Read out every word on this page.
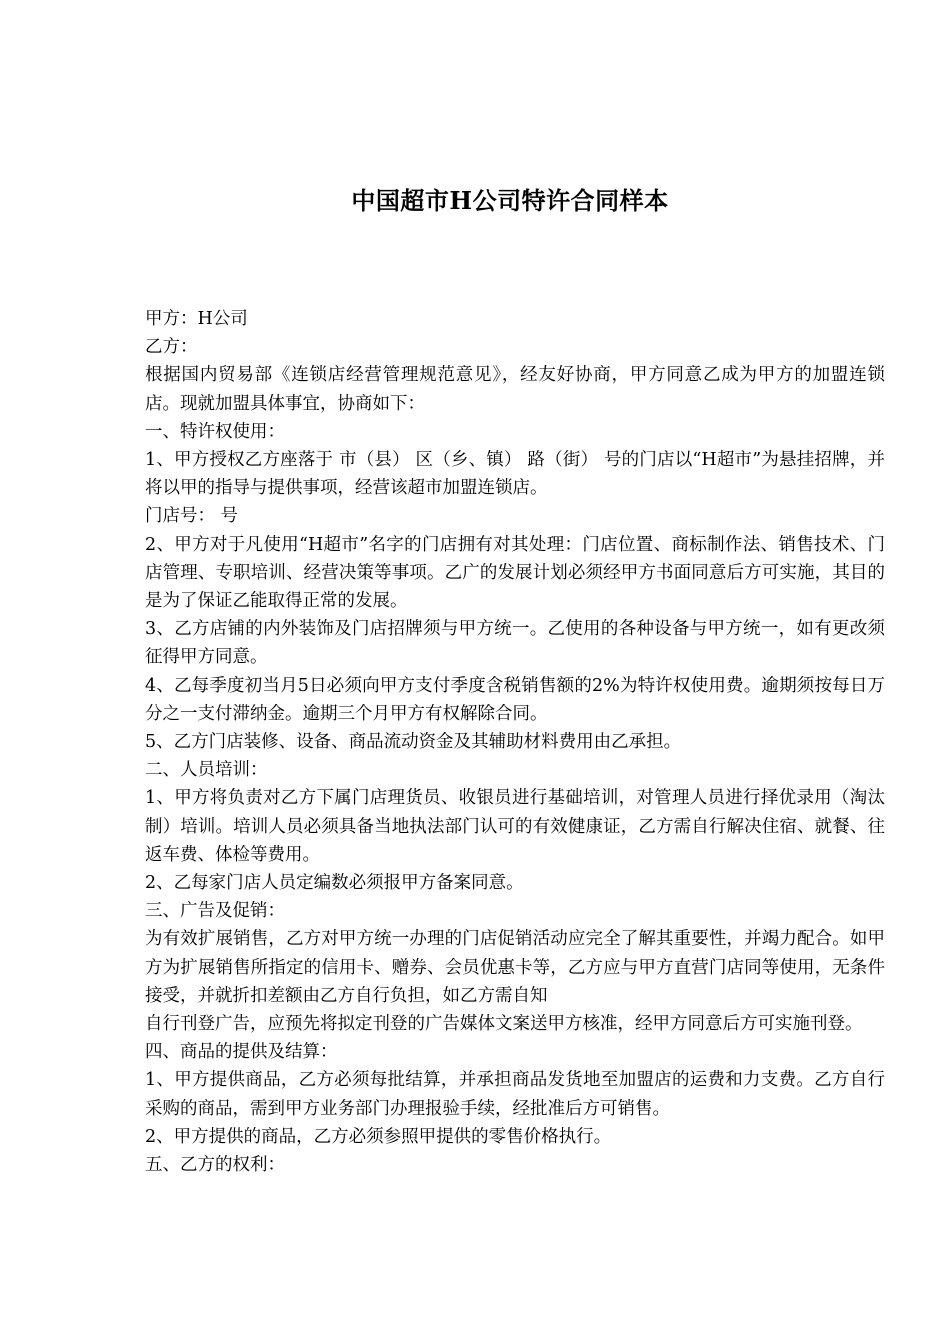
中国超市H公司特许合同样本

甲方：H公司

乙方：

根据国内贸易部《连锁店经营管理规范意见》，经友好协商，甲方同意乙成为甲方的加盟连锁店。现就加盟具体事宜，协商如下：

一、特许权使用：

1、甲方授权乙方座落于 市（县） 区（乡、镇） 路（街） 号的门店以“H超市”为悬挂招牌，并将以甲的指导与提供事项，经营该超市加盟连锁店。

门店号： 号

2、甲方对于凡使用“H超市”名字的门店拥有对其处理：门店位置、商标制作法、销售技术、门店管理、专职培训、经营决策等事项。乙广的发展计划必须经甲方书面同意后方可实施，其目的是为了保证乙能取得正常的发展。

3、乙方店铺的内外装饰及门店招牌须与甲方统一。乙使用的各种设备与甲方统一，如有更改须征得甲方同意。

4、乙每季度初当月5日必须向甲方支付季度含税销售额的2%为特许权使用费。逾期须按每日万分之一支付滞纳金。逾期三个月甲方有权解除合同。

5、乙方门店装修、设备、商品流动资金及其辅助材料费用由乙承担。

二、人员培训：

1、甲方将负责对乙方下属门店理货员、收银员进行基础培训，对管理人员进行择优录用（淘汰制）培训。培训人员必须具备当地执法部门认可的有效健康证，乙方需自行解决住宿、就餐、往返车费、体检等费用。

2、乙每家门店人员定编数必须报甲方备案同意。

三、广告及促销：

为有效扩展销售，乙方对甲方统一办理的门店促销活动应完全了解其重要性，并竭力配合。如甲方为扩展销售所指定的信用卡、赠券、会员优惠卡等，乙方应与甲方直营门店同等使用，无条件接受，并就折扣差额由乙方自行负担，如乙方需自知

自行刊登广告，应预先将拟定刊登的广告媒体文案送甲方核准，经甲方同意后方可实施刊登。

四、商品的提供及结算：

1、甲方提供商品，乙方必须每批结算，并承担商品发货地至加盟店的运费和力支费。乙方自行采购的商品，需到甲方业务部门办理报验手续，经批准后方可销售。

2、甲方提供的商品，乙方必须参照甲提供的零售价格执行。

五、乙方的权利：
